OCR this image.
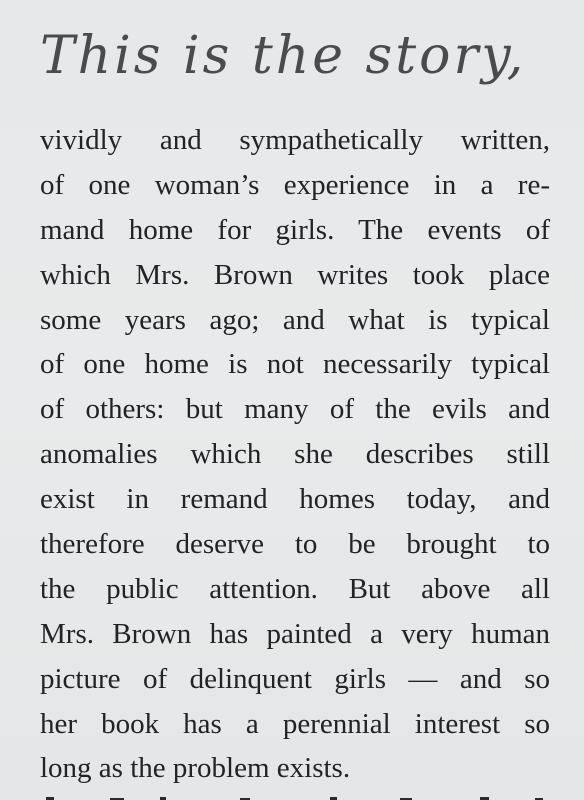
This is the story,
vividly and sympathetically written,
of one woman’s experience in a re-
mand home for girls. The events of
which Mrs. Brown writes took place
some years ago; and what is typical
of one home is not necessarily typical
of others: but many of the evils and
anomalies which she describes still
exist in remand homes today, and
therefore deserve to be brought to
the public attention. But above all
Mrs. Brown has painted a very human
picture of delinquent girls — and so
her book has a perennial interest so
long as the problem exists.
